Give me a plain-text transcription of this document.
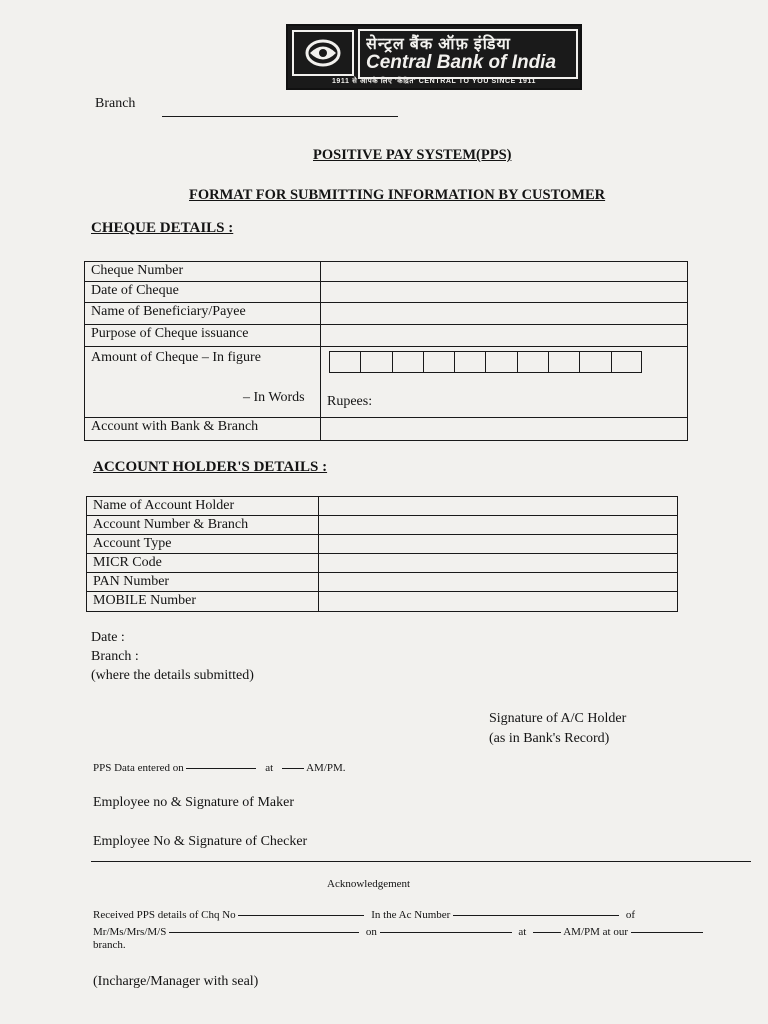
सेन्ट्रल बैंक ऑफ़ इंडिया
Central Bank of India
1911 से आपके लिए 'केंद्रित' CENTRAL TO YOU SINCE 1911
Branch
POSITIVE PAY SYSTEM(PPS)
FORMAT FOR SUBMITTING INFORMATION BY CUSTOMER
CHEQUE DETAILS :
Cheque Number	
Date of Cheque	
Name of Beneficiary/Payee	
Purpose of Cheque issuance	

Amount of Cheque – In figure
– In Words	Rupees:

Account with Bank & Branch	
ACCOUNT HOLDER'S DETAILS :
Name of Account Holder	
Account Number & Branch	
Account Type	
MICR Code	
PAN Number	
MOBILE Number	
Date :
Branch :
(where the details submitted)
Signature of A/C Holder
(as in Bank's Record)
PPS Data entered on	at	AM/PM.
Employee no & Signature of Maker
Employee No & Signature of Checker
Acknowledgement
Received PPS details of Chq No	In the Ac Number	of
Mr/Ms/Mrs/M/S	on	at	AM/PM at our
branch.
(Incharge/Manager with seal)
